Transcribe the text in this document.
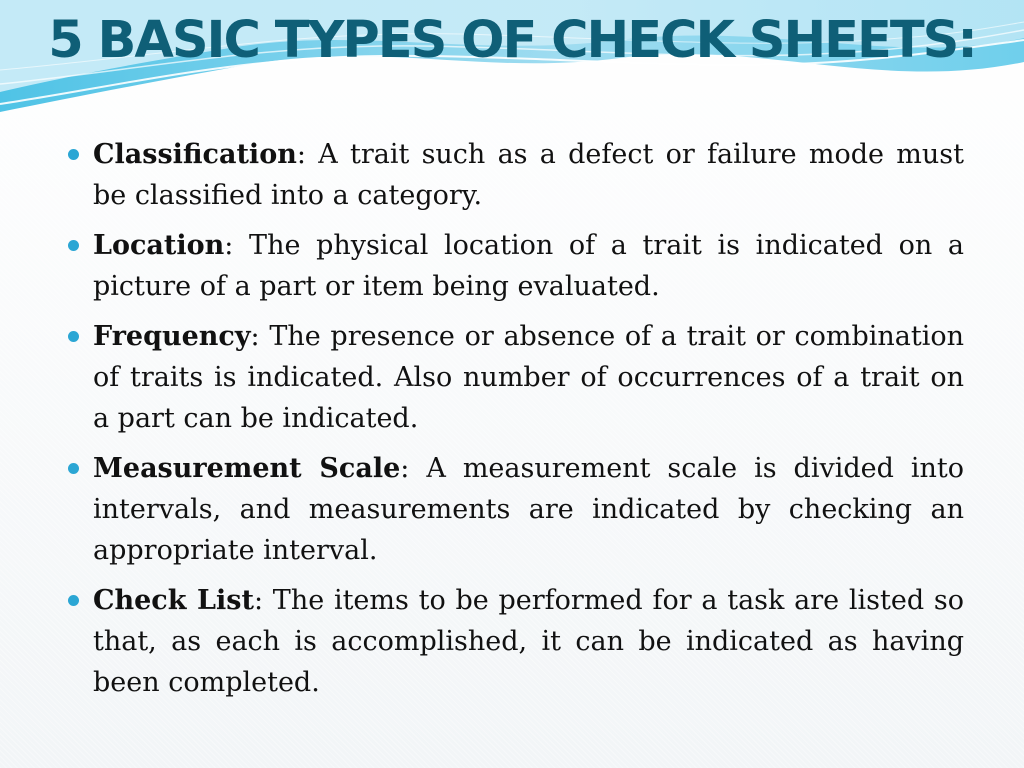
5 BASIC TYPES OF CHECK SHEETS:
Classification: A trait such as a defect or failure mode must be classified into a category.
Location: The physical location of a trait is indicated on a picture of a part or item being evaluated.
Frequency: The presence or absence of a trait or combination of traits is indicated. Also number of occurrences of a trait on a part can be indicated.
Measurement Scale: A measurement scale is divided into intervals, and measurements are indicated by checking an appropriate interval.
Check List: The items to be performed for a task are listed so that, as each is accomplished, it can be indicated as having been completed.
